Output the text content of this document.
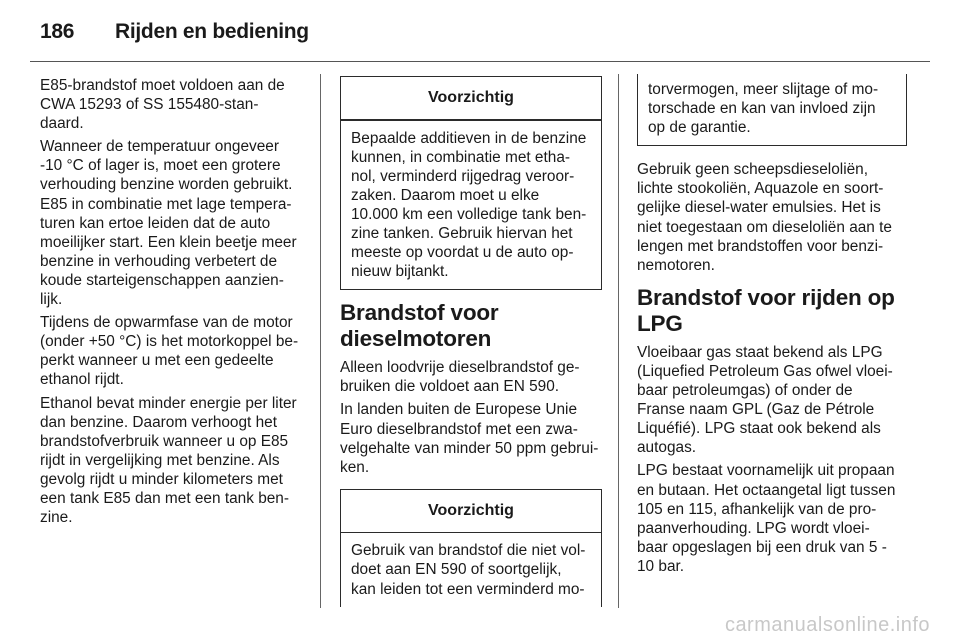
186 Rijden en bediening

E85-brandstof moet voldoen aan de
CWA 15293 of SS 155480-stan-
daard.

Wanneer de temperatuur ongeveer
-10 °C of lager is, moet een grotere
verhouding benzine worden gebruikt.
E85 in combinatie met lage tempera-
turen kan ertoe leiden dat de auto
moeilijker start. Een klein beetje meer
benzine in verhouding verbetert de
koude starteigenschappen aanzien-
lijk.

Tijdens de opwarmfase van de motor
(onder +50 °C) is het motorkoppel be-
perkt wanneer u met een gedeelte
ethanol rijdt.

Ethanol bevat minder energie per liter
dan benzine. Daarom verhoogt het
brandstofverbruik wanneer u op E85
rijdt in vergelijking met benzine. Als
gevolg rijdt u minder kilometers met
een tank E85 dan met een tank ben-
zine.

Voorzichtig
Bepaalde additieven in de benzine
kunnen, in combinatie met etha-
nol, verminderd rijgedrag veroor-
zaken. Daarom moet u elke
10.000 km een volledige tank ben-
zine tanken. Gebruik hiervan het
meeste op voordat u de auto op-
nieuw bijtankt.
Brandstof voor
dieselmotoren

Alleen loodvrije dieselbrandstof ge-
bruiken die voldoet aan EN 590.

In landen buiten de Europese Unie
Euro dieselbrandstof met een zwa-
velgehalte van minder 50 ppm gebrui-
ken.

Voorzichtig
Gebruik van brandstof die niet vol-
doet aan EN 590 of soortgelijk,
kan leiden tot een verminderd mo-
torvermogen, meer slijtage of mo-
torschade en kan van invloed zijn
op de garantie.

Gebruik geen scheepsdieseloliën,
lichte stookoliën, Aquazole en soort-
gelijke diesel-water emulsies. Het is
niet toegestaan om dieseloliën aan te
lengen met brandstoffen voor benzi-
nemotoren.

Brandstof voor rijden op
LPG

Vloeibaar gas staat bekend als LPG
(Liquefied Petroleum Gas ofwel vloei-
baar petroleumgas) of onder de
Franse naam GPL (Gaz de Pétrole
Liquéfié). LPG staat ook bekend als
autogas.

LPG bestaat voornamelijk uit propaan
en butaan. Het octaangetal ligt tussen
105 en 115, afhankelijk van de pro-
paanverhouding. LPG wordt vloei-
baar opgeslagen bij een druk van 5 -
10 bar.

carmanualsonline.info
